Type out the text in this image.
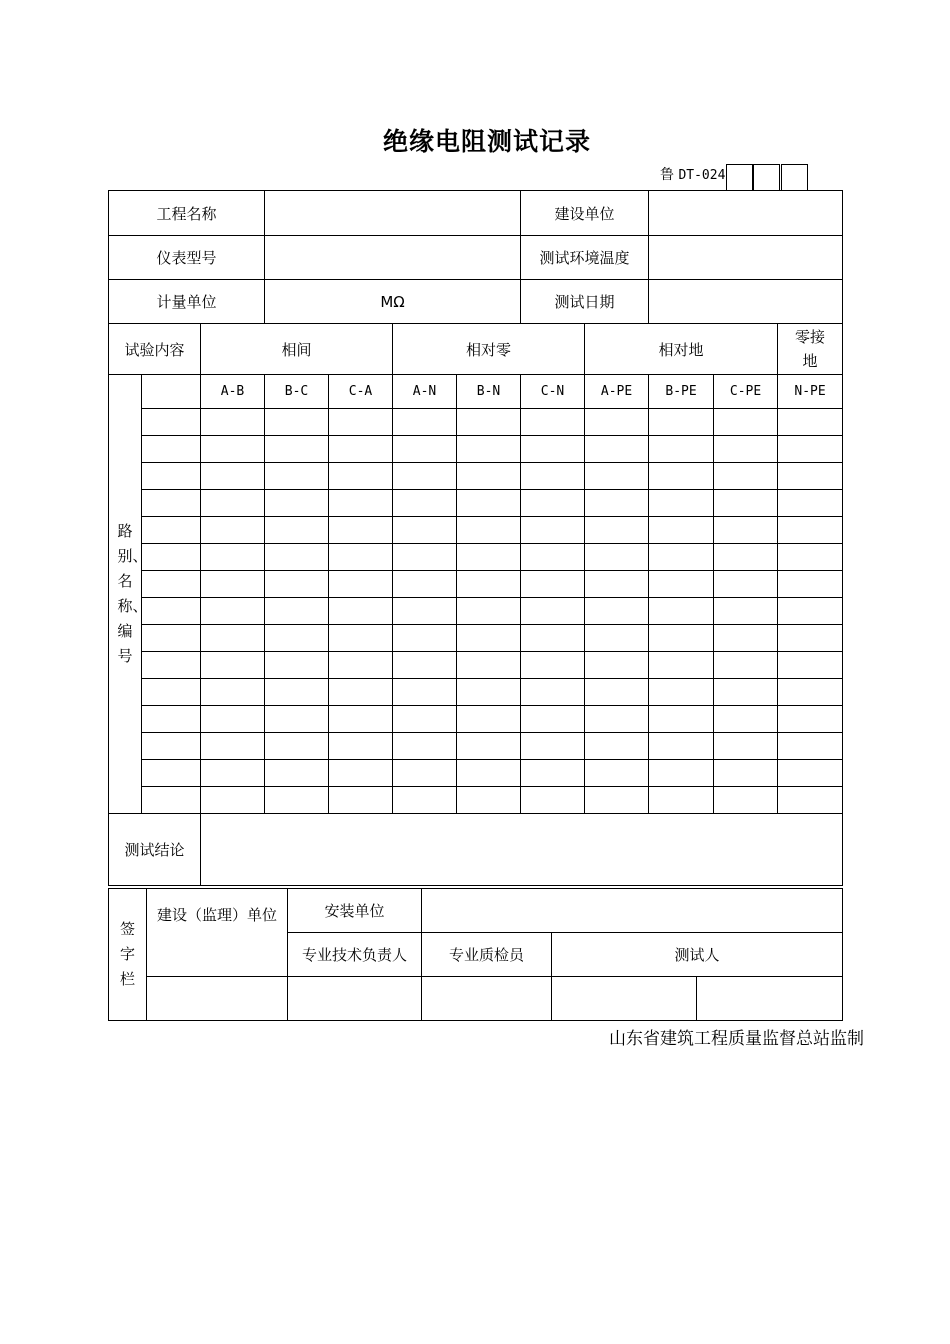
绝缘电阻测试记录
鲁 DT-024
工程名称							建设单位				
仪表型号							测试环境温度				
计量单位			MΩ				测试日期				
试验内容		相间			相对零			相对地			零接地
路别、名称、编号		A-B	B-C	C-A	A-N	B-N	C-N	A-PE	B-PE	C-PE	N-PE

测试结论											
签字栏	建设（监理）单位	安装单位			
		专业技术负责人	专业质检员	测试人	

山东省建筑工程质量监督总站监制
